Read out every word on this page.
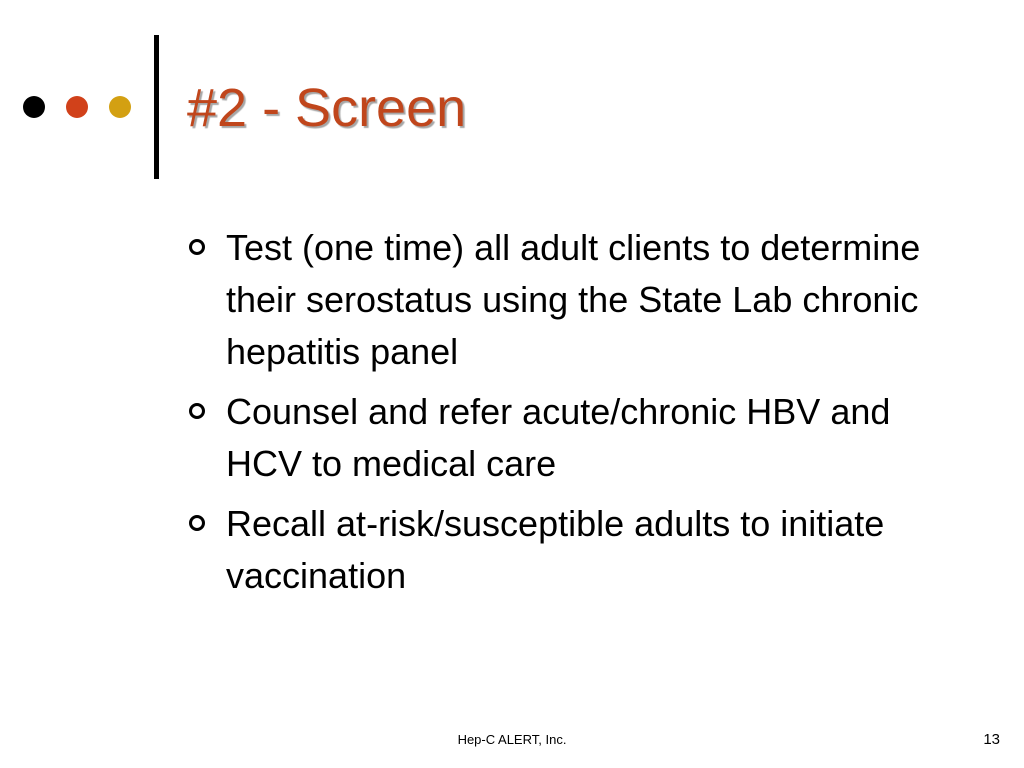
#2 - Screen
Test (one time) all adult clients to determine their serostatus using the State Lab chronic hepatitis panel
Counsel and refer acute/chronic HBV and HCV to medical care
Recall at-risk/susceptible adults to initiate vaccination
Hep-C ALERT, Inc.	13
